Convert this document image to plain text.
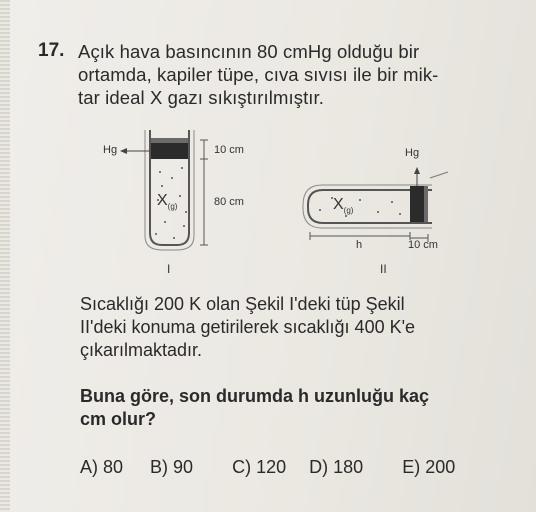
17. Açık hava basıncının 80 cmHg olduğu bir
ortamda, kapiler tüpe, cıva sıvısı ile bir mik-
tar ideal X gazı sıkıştırılmıştır.
Hg	10 cm
80 cm
$X_{(g)}$
I
Hg
$X_{(g)}$
h	10 cm
II
Sıcaklığı 200 K olan Şekil I'deki tüp Şekil
II'deki konuma getirilerek sıcaklığı 400 K'e
çıkarılmaktadır.
Buna göre, son durumda h uzunluğu kaç
cm olur?
A) 80 B) 90 C) 120 D) 180 E) 200
